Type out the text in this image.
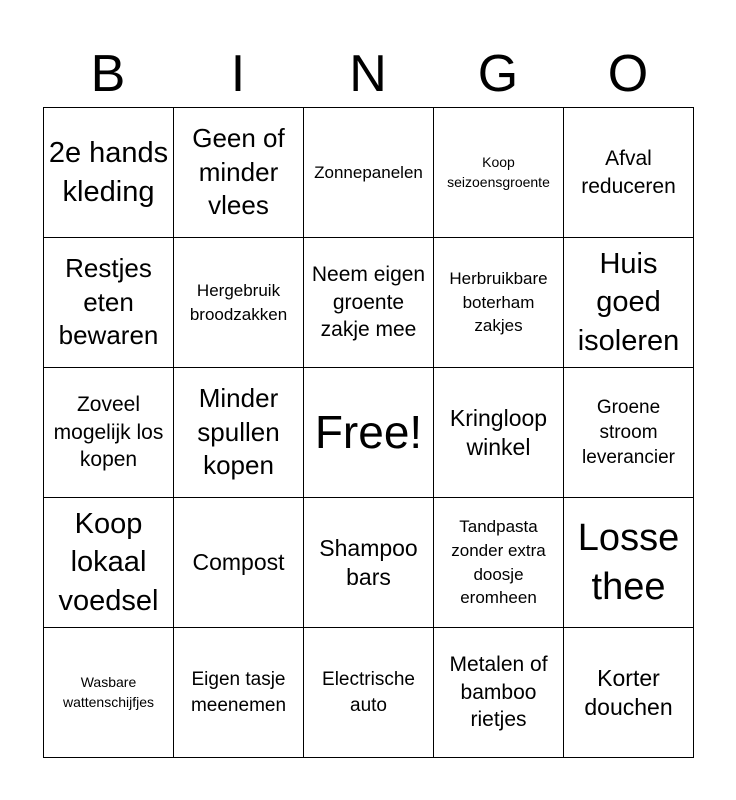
B	I	N	G	O
2e hands kleding
Geen of minder vlees
Zonnepanelen
Koop seizoensgroente
Afval reduceren
Restjes eten bewaren
Hergebruik broodzakken
Neem eigen groente zakje mee
Herbruikbare boterham zakjes
Huis goed isoleren
Zoveel mogelijk los kopen
Minder spullen kopen
Free!	Kringloop winkel
Groene stroom leverancier
Koop lokaal voedsel
Compost
Shampoo bars
Tandpasta zonder extra doosje eromheen
Losse thee
Wasbare wattenschijfjes
Eigen tasje meenemen
Electrische auto
Metalen of bamboo rietjes
Korter douchen
